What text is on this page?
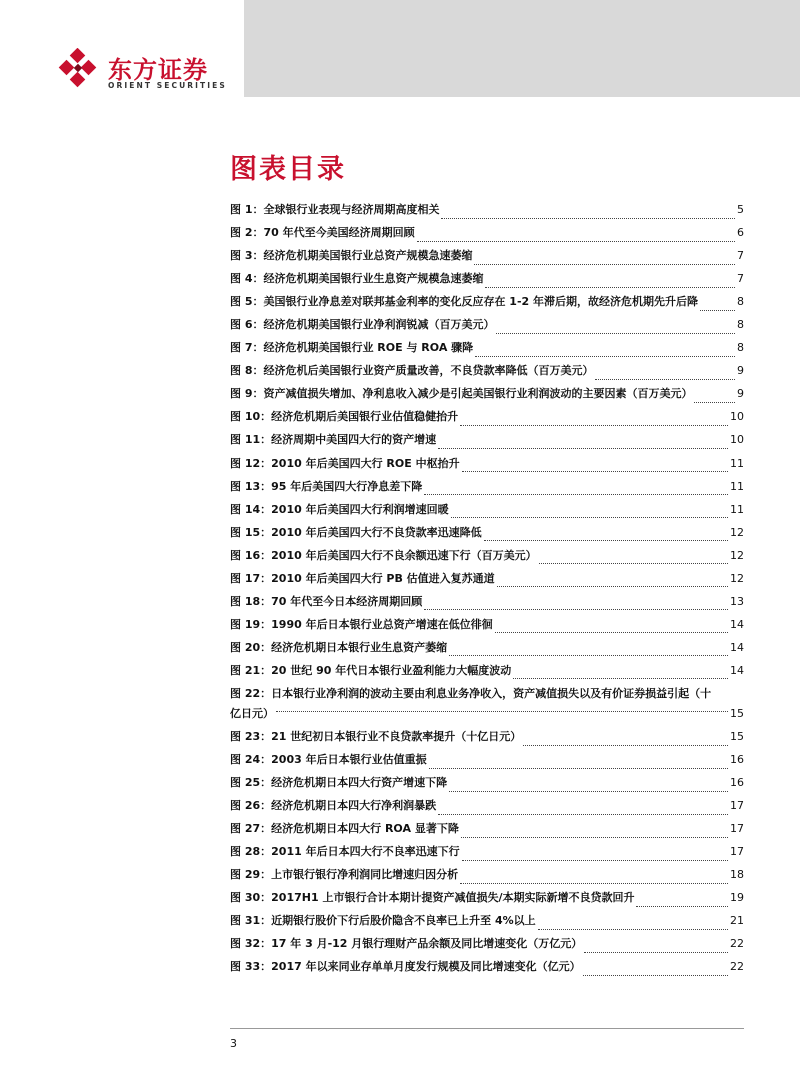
东方证券
ORIENT SECURITIES
图表目录
图 1：全球银行业表现与经济周期高度相关	5
图 2：70 年代至今美国经济周期回顾	6
图 3：经济危机期美国银行业总资产规模急速萎缩	7
图 4：经济危机期美国银行业生息资产规模急速萎缩	7
图 5：美国银行业净息差对联邦基金利率的变化反应存在 1-2 年滞后期，故经济危机期先升后降	8
图 6：经济危机期美国银行业净利润锐减（百万美元）	8
图 7：经济危机期美国银行业 ROE 与 ROA 骤降	8
图 8：经济危机后美国银行业资产质量改善，不良贷款率降低（百万美元）	9
图 9：资产减值损失增加、净利息收入减少是引起美国银行业利润波动的主要因素（百万美元）	9
图 10：经济危机期后美国银行业估值稳健抬升	10
图 11：经济周期中美国四大行的资产增速	10
图 12：2010 年后美国四大行 ROE 中枢抬升	11
图 13：95 年后美国四大行净息差下降	11
图 14：2010 年后美国四大行利润增速回暖	11
图 15：2010 年后美国四大行不良贷款率迅速降低	12
图 16：2010 年后美国四大行不良余额迅速下行（百万美元）	12
图 17：2010 年后美国四大行 PB 估值进入复苏通道	12
图 18：70 年代至今日本经济周期回顾	13
图 19：1990 年后日本银行业总资产增速在低位徘徊	14
图 20：经济危机期日本银行业生息资产萎缩	14
图 21：20 世纪 90 年代日本银行业盈利能力大幅度波动	14
图 22：日本银行业净利润的波动主要由利息业务净收入，资产减值损失以及有价证券损益引起（十
亿日元）	15
图 23：21 世纪初日本银行业不良贷款率提升（十亿日元）	15
图 24：2003 年后日本银行业估值重振	16
图 25：经济危机期日本四大行资产增速下降	16
图 26：经济危机期日本四大行净利润暴跌	17
图 27：经济危机期日本四大行 ROA 显著下降	17
图 28：2011 年后日本四大行不良率迅速下行	17
图 29：上市银行银行净利润同比增速归因分析	18
图 30：2017H1 上市银行合计本期计提资产减值损失/本期实际新增不良贷款回升	19
图 31：近期银行股价下行后股价隐含不良率已上升至 4%以上	21
图 32：17 年 3 月-12 月银行理财产品余额及同比增速变化（万亿元）	22
图 33：2017 年以来同业存单单月度发行规模及同比增速变化（亿元）	22
3
